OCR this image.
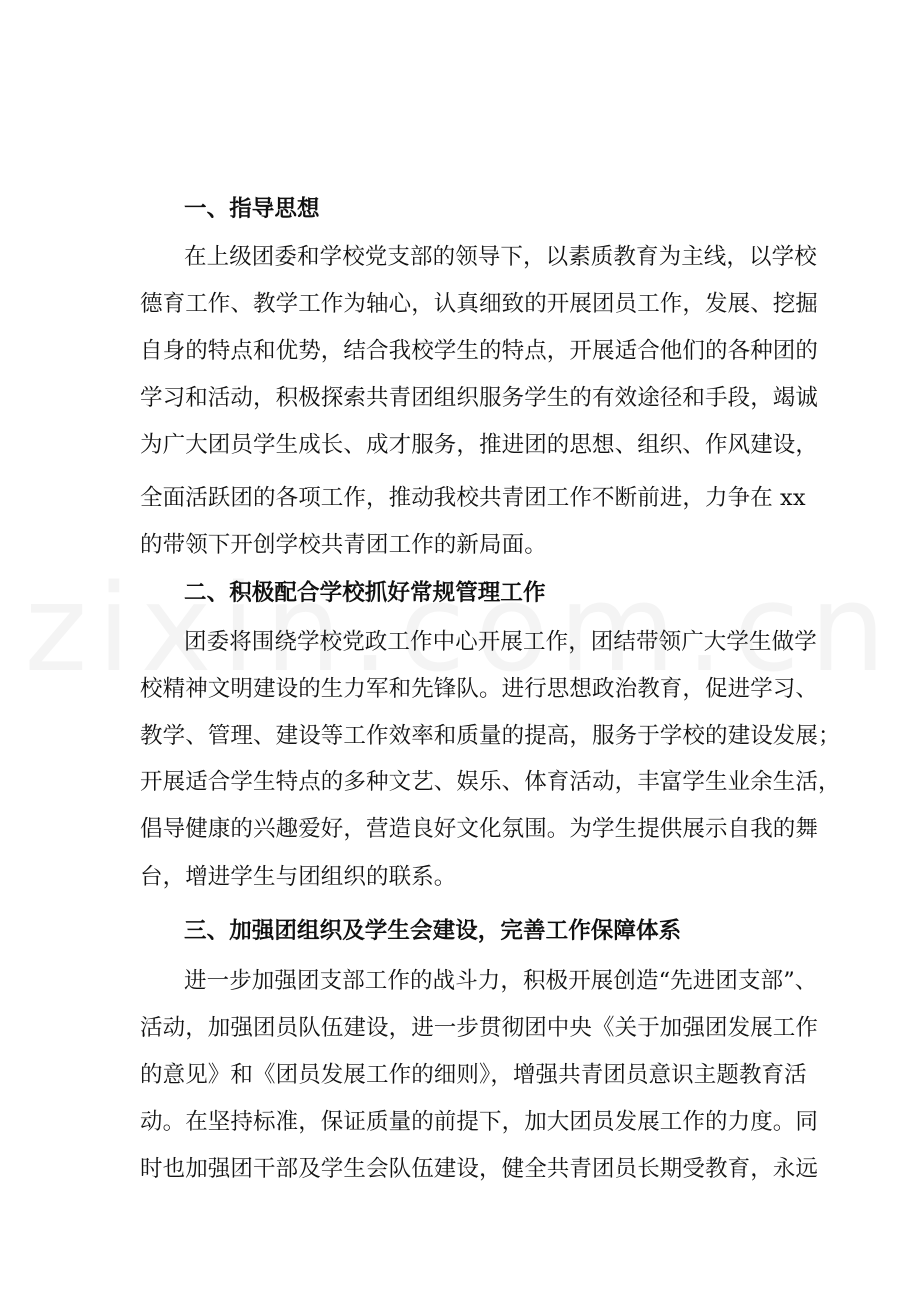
一、指导思想
在上级团委和学校党支部的领导下，以素质教育为主线，以学校
德育工作、教学工作为轴心，认真细致的开展团员工作，发展、挖掘
自身的特点和优势，结合我校学生的特点，开展适合他们的各种团的
学习和活动，积极探索共青团组织服务学生的有效途径和手段，竭诚
为广大团员学生成长、成才服务，推进团的思想、组织、作风建设，
全面活跃团的各项工作，推动我校共青团工作不断前进，力争在 xx
的带领下开创学校共青团工作的新局面。
二、积极配合学校抓好常规管理工作
团委将围绕学校党政工作中心开展工作，团结带领广大学生做学
校精神文明建设的生力军和先锋队。进行思想政治教育，促进学习、
教学、管理、建设等工作效率和质量的提高，服务于学校的建设发展；
开展适合学生特点的多种文艺、娱乐、体育活动，丰富学生业余生活，
倡导健康的兴趣爱好，营造良好文化氛围。为学生提供展示自我的舞
台，增进学生与团组织的联系。
三、加强团组织及学生会建设，完善工作保障体系
进一步加强团支部工作的战斗力，积极开展创造“先进团支部”、
活动，加强团员队伍建设，进一步贯彻团中央《关于加强团发展工作
的意见》和《团员发展工作的细则》，增强共青团员意识主题教育活
动。在坚持标准，保证质量的前提下，加大团员发展工作的力度。同
时也加强团干部及学生会队伍建设，健全共青团员长期受教育，永远
